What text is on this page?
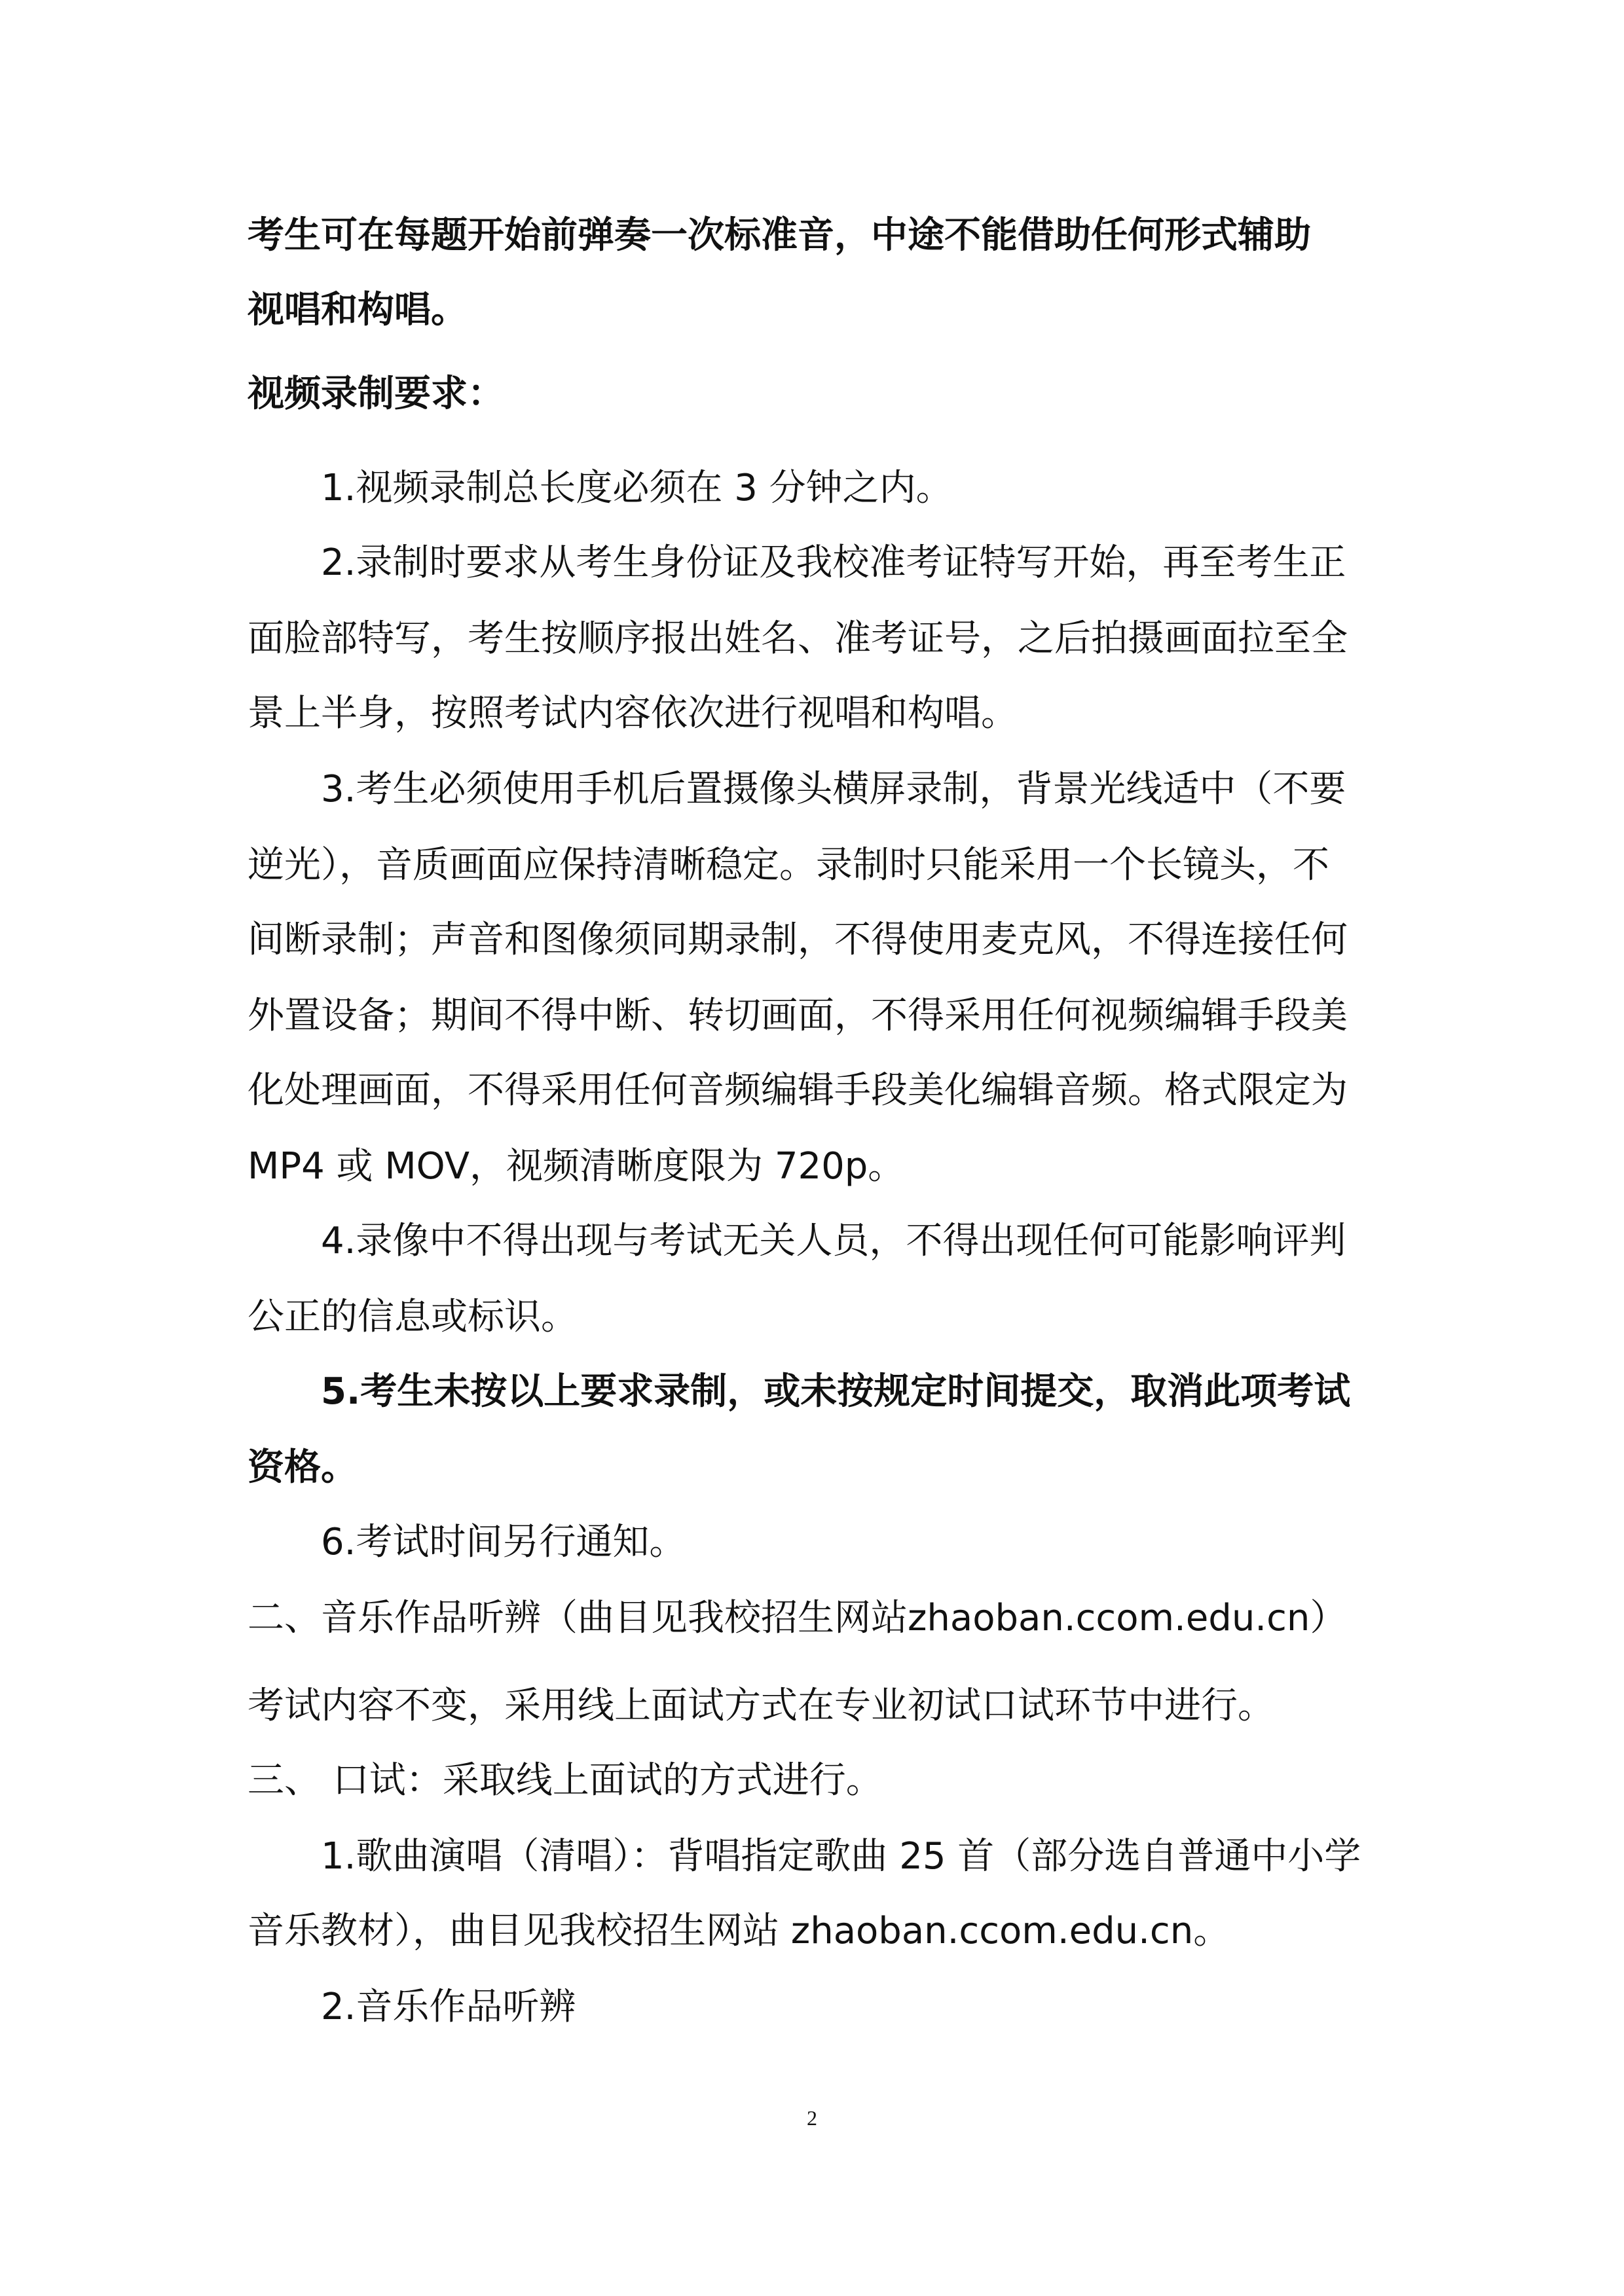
考生可在每题开始前弹奏一次标准音，中途不能借助任何形式辅助
视唱和构唱。
视频录制要求：
1.视频录制总长度必须在 3 分钟之内。
2.录制时要求从考生身份证及我校准考证特写开始，再至考生正
面脸部特写，考生按顺序报出姓名、准考证号，之后拍摄画面拉至全
景上半身，按照考试内容依次进行视唱和构唱。
3.考生必须使用手机后置摄像头横屏录制，背景光线适中（不要
逆光），音质画面应保持清晰稳定。录制时只能采用一个长镜头，不
间断录制；声音和图像须同期录制，不得使用麦克风，不得连接任何
外置设备；期间不得中断、转切画面，不得采用任何视频编辑手段美
化处理画面，不得采用任何音频编辑手段美化编辑音频。格式限定为
MP4 或 MOV，视频清晰度限为 720p。
4.录像中不得出现与考试无关人员，不得出现任何可能影响评判
公正的信息或标识。
5.考生未按以上要求录制，或未按规定时间提交，取消此项考试
资格。
6.考试时间另行通知。
二、音乐作品听辨（曲目见我校招生网站zhaoban.ccom.edu.cn）
考试内容不变，采用线上面试方式在专业初试口试环节中进行。
三、 口试：采取线上面试的方式进行。
1.歌曲演唱（清唱）：背唱指定歌曲 25 首（部分选自普通中小学
音乐教材），曲目见我校招生网站 zhaoban.ccom.edu.cn。
2.音乐作品听辨
2
